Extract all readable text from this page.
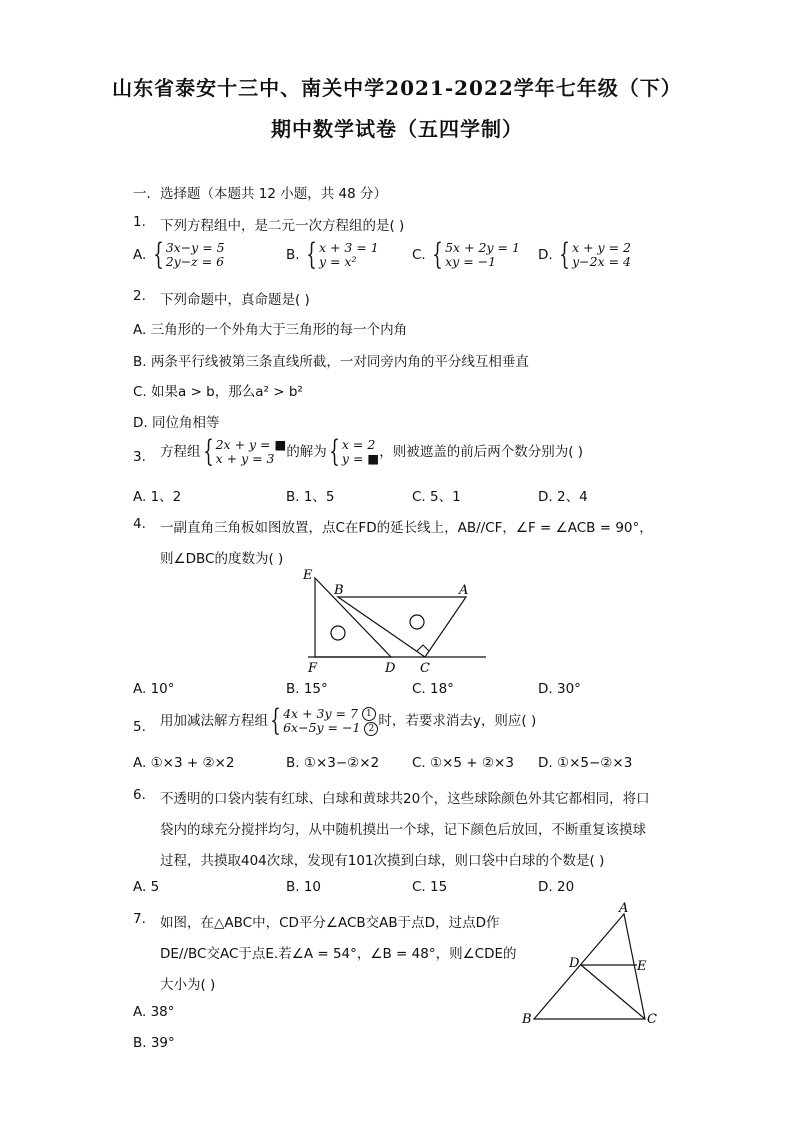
山东省泰安十三中、南关中学2021-2022学年七年级（下）
期中数学试卷（五四学制）
一．选择题（本题共 12 小题，共 48 分）
1. 下列方程组中，是二元一次方程组的是( )
A. { 3x−y = 5
2y−z = 6	B. { x + 3 = 1
y = x²	C. { 5x + 2y = 1
xy = −1	D. { x + y = 2
y−2x = 4
2. 下列命题中，真命题是( )
A. 三角形的一个外角大于三角形的每一个内角
B. 两条平行线被第三条直线所截，一对同旁内角的平分线互相垂直
C. 如果a > b，那么a² > b²
D. 同位角相等
3. 方程组 { 2x + y = ■
x + y = 3 的解为 { x = 2
y = ■ ，则被遮盖的前后两个数分别为( )
A. 1、2	B. 1、5	C. 5、1	D. 2、4
4. 一副直角三角板如图放置，点C在FD的延长线上，AB//CF，∠F = ∠ACB = 90°，
则∠DBC的度数为( )
E
B	A
F	D C
A. 10°	B. 15°	C. 18°	D. 30°
5. 用加减法解方程组 { 4x + 3y = 7 1
6x−5y = −1 2 时，若要求消去y，则应( )
A. ①×3 + ②×2	B. ①×3−②×2 C. ①×5 + ②×3 D. ①×5−②×3
6. 不透明的口袋内装有红球、白球和黄球共20个，这些球除颜色外其它都相同，将口
袋内的球充分搅拌均匀，从中随机摸出一个球，记下颜色后放回，不断重复该摸球
过程，共摸取404次球，发现有101次摸到白球，则口袋中白球的个数是( )
A. 5	B. 10	C. 15	D. 20
7. 如图，在△ABC中，CD平分∠ACB交AB于点D，过点D作
DE//BC交AC于点E.若∠A = 54°，∠B = 48°，则∠CDE的
大小为( )
A
D	E
B	C
A. 38°
B. 39°
